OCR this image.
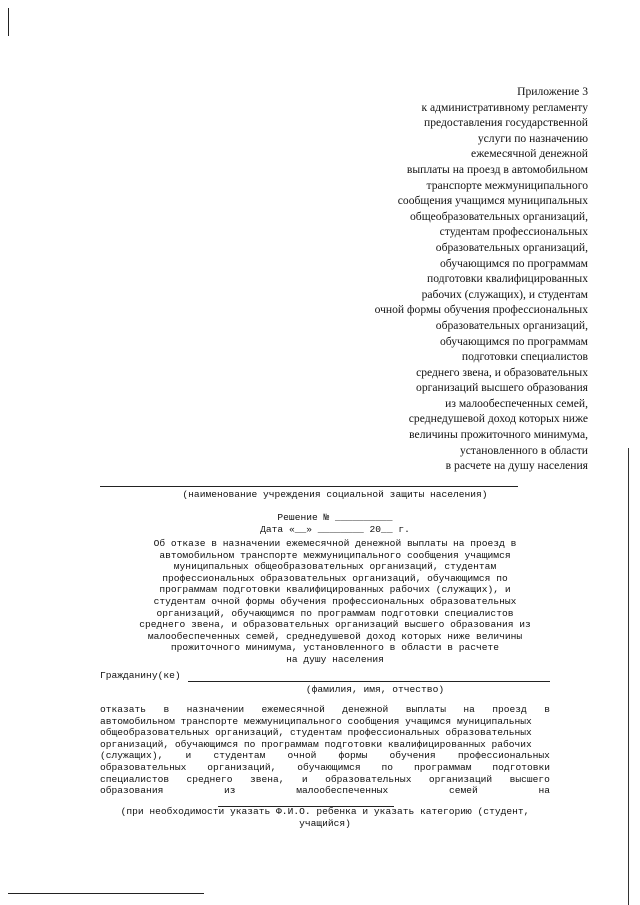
Приложение 3
к административному регламенту
предоставления государственной
услуги по назначению
ежемесячной денежной
выплаты на проезд в автомобильном
транспорте межмуниципального
сообщения учащимся муниципальных
общеобразовательных организаций,
студентам профессиональных
образовательных организаций,
обучающимся по программам
подготовки квалифицированных
рабочих (служащих), и студентам
очной формы обучения профессиональных
образовательных организаций,
обучающимся по программам
подготовки специалистов
среднего звена, и образовательных
организаций высшего образования
из малообеспеченных семей,
среднедушевой доход которых ниже
величины прожиточного минимума,
установленного в области
в расчете на душу населения
(наименование учреждения социальной защиты населения)
Решение № __________
Дата «__» ________ 20__ г.
Об отказе в назначении ежемесячной денежной выплаты на проезд в
автомобильном транспорте межмуниципального сообщения учащимся
муниципальных общеобразовательных организаций, студентам
профессиональных образовательных организаций, обучающимся по
программам подготовки квалифицированных рабочих (служащих), и
студентам очной формы обучения профессиональных образовательных
организаций, обучающимся по программам подготовки специалистов
среднего звена, и образовательных организаций высшего образования из
малообеспеченных семей, среднедушевой доход которых ниже величины
прожиточного минимума, установленного в области в расчете
на душу населения
Гражданину(ке)
(фамилия, имя, отчество)
отказать в назначении ежемесячной денежной выплаты на проезд в
автомобильном транспорте межмуниципального сообщения учащимся муниципальных
общеобразовательных организаций, студентам профессиональных образовательных
организаций, обучающимся по программам подготовки квалифицированных рабочих
(служащих), и студентам очной формы обучения профессиональных
образовательных организаций, обучающимся по программам подготовки
специалистов среднего звена, и образовательных организаций высшего
образования	из	малообеспеченных	семей	на
(при необходимости указать Ф.И.О. ребенка и указать категорию (студент,
учащийся)
